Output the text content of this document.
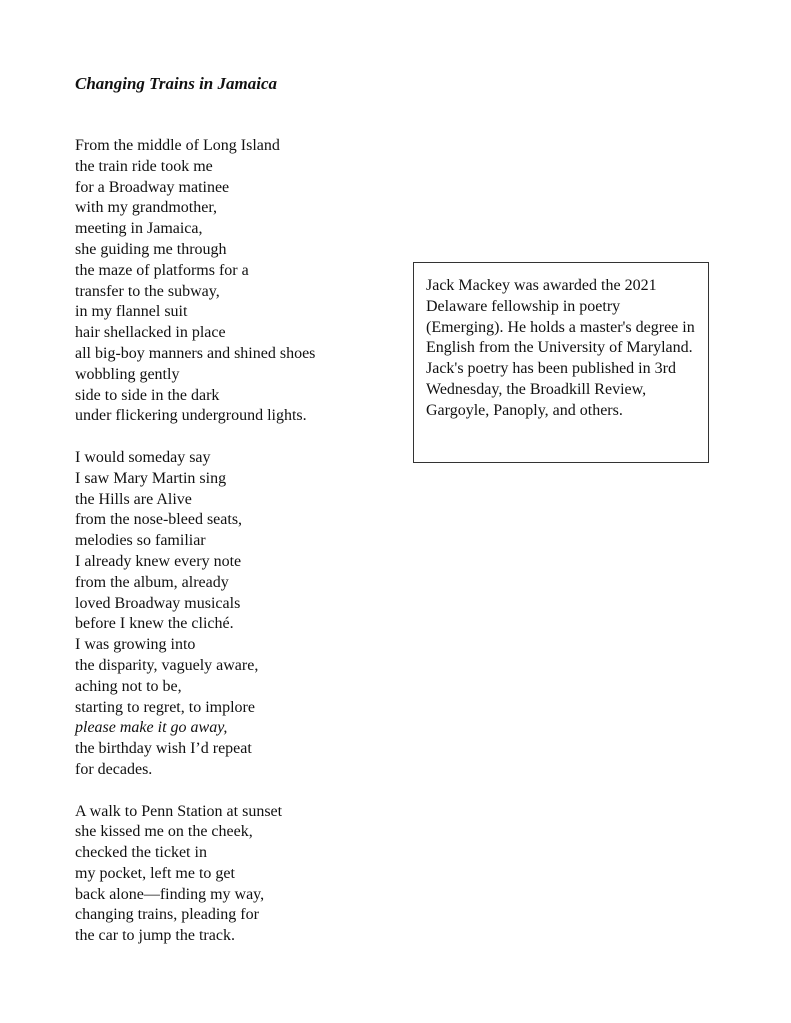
Changing Trains in Jamaica
From the middle of Long Island
the train ride took me
for a Broadway matinee
with my grandmother,
meeting in Jamaica,
she guiding me through
the maze of platforms for a
transfer to the subway,
in my flannel suit
hair shellacked in place
all big-boy manners and shined shoes
wobbling gently
side to side in the dark
under flickering underground lights.
I would someday say
I saw Mary Martin sing
the Hills are Alive
from the nose-bleed seats,
melodies so familiar
I already knew every note
from the album, already
loved Broadway musicals
before I knew the cliché.
I was growing into
the disparity, vaguely aware,
aching not to be,
starting to regret, to implore
please make it go away,
the birthday wish I’d repeat
for decades.
A walk to Penn Station at sunset
she kissed me on the cheek,
checked the ticket in
my pocket, left me to get
back alone—finding my way,
changing trains, pleading for
the car to jump the track.

Jack Mackey was awarded the 2021 Delaware fellowship in poetry (Emerging). He holds a master's degree in English from the University of Maryland. Jack's poetry has been published in 3rd Wednesday, the Broadkill Review, Gargoyle, Panoply, and others.
